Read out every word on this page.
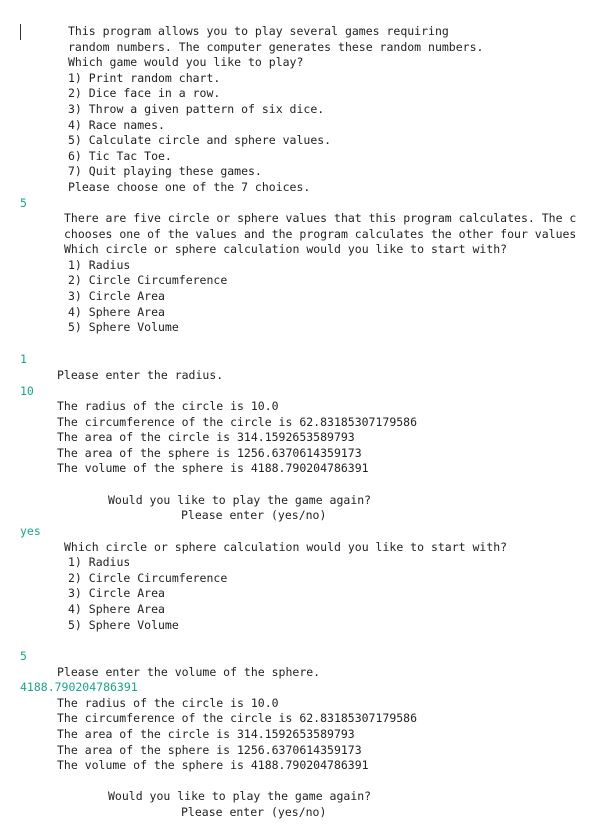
This program allows you to play several games requiring
random numbers. The computer generates these random numbers.
Which game would you like to play?
1) Print random chart.
2) Dice face in a row.
3) Throw a given pattern of six dice.
4) Race names.
5) Calculate circle and sphere values.
6) Tic Tac Toe.
7) Quit playing these games.
Please choose one of the 7 choices.
5
There are five circle or sphere values that this program calculates. The c
chooses one of the values and the program calculates the other four values
Which circle or sphere calculation would you like to start with?
1) Radius
2) Circle Circumference
3) Circle Area
4) Sphere Area
5) Sphere Volume
1
Please enter the radius.
10
The radius of the circle is 10.0
The circumference of the circle is 62.83185307179586
The area of the circle is 314.1592653589793
The area of the sphere is 1256.6370614359173
The volume of the sphere is 4188.790204786391
Would you like to play the game again?
Please enter (yes/no)
yes
Which circle or sphere calculation would you like to start with?
1) Radius
2) Circle Circumference
3) Circle Area
4) Sphere Area
5) Sphere Volume
5
Please enter the volume of the sphere.
4188.790204786391
The radius of the circle is 10.0
The circumference of the circle is 62.83185307179586
The area of the circle is 314.1592653589793
The area of the sphere is 1256.6370614359173
The volume of the sphere is 4188.790204786391
Would you like to play the game again?
Please enter (yes/no)
